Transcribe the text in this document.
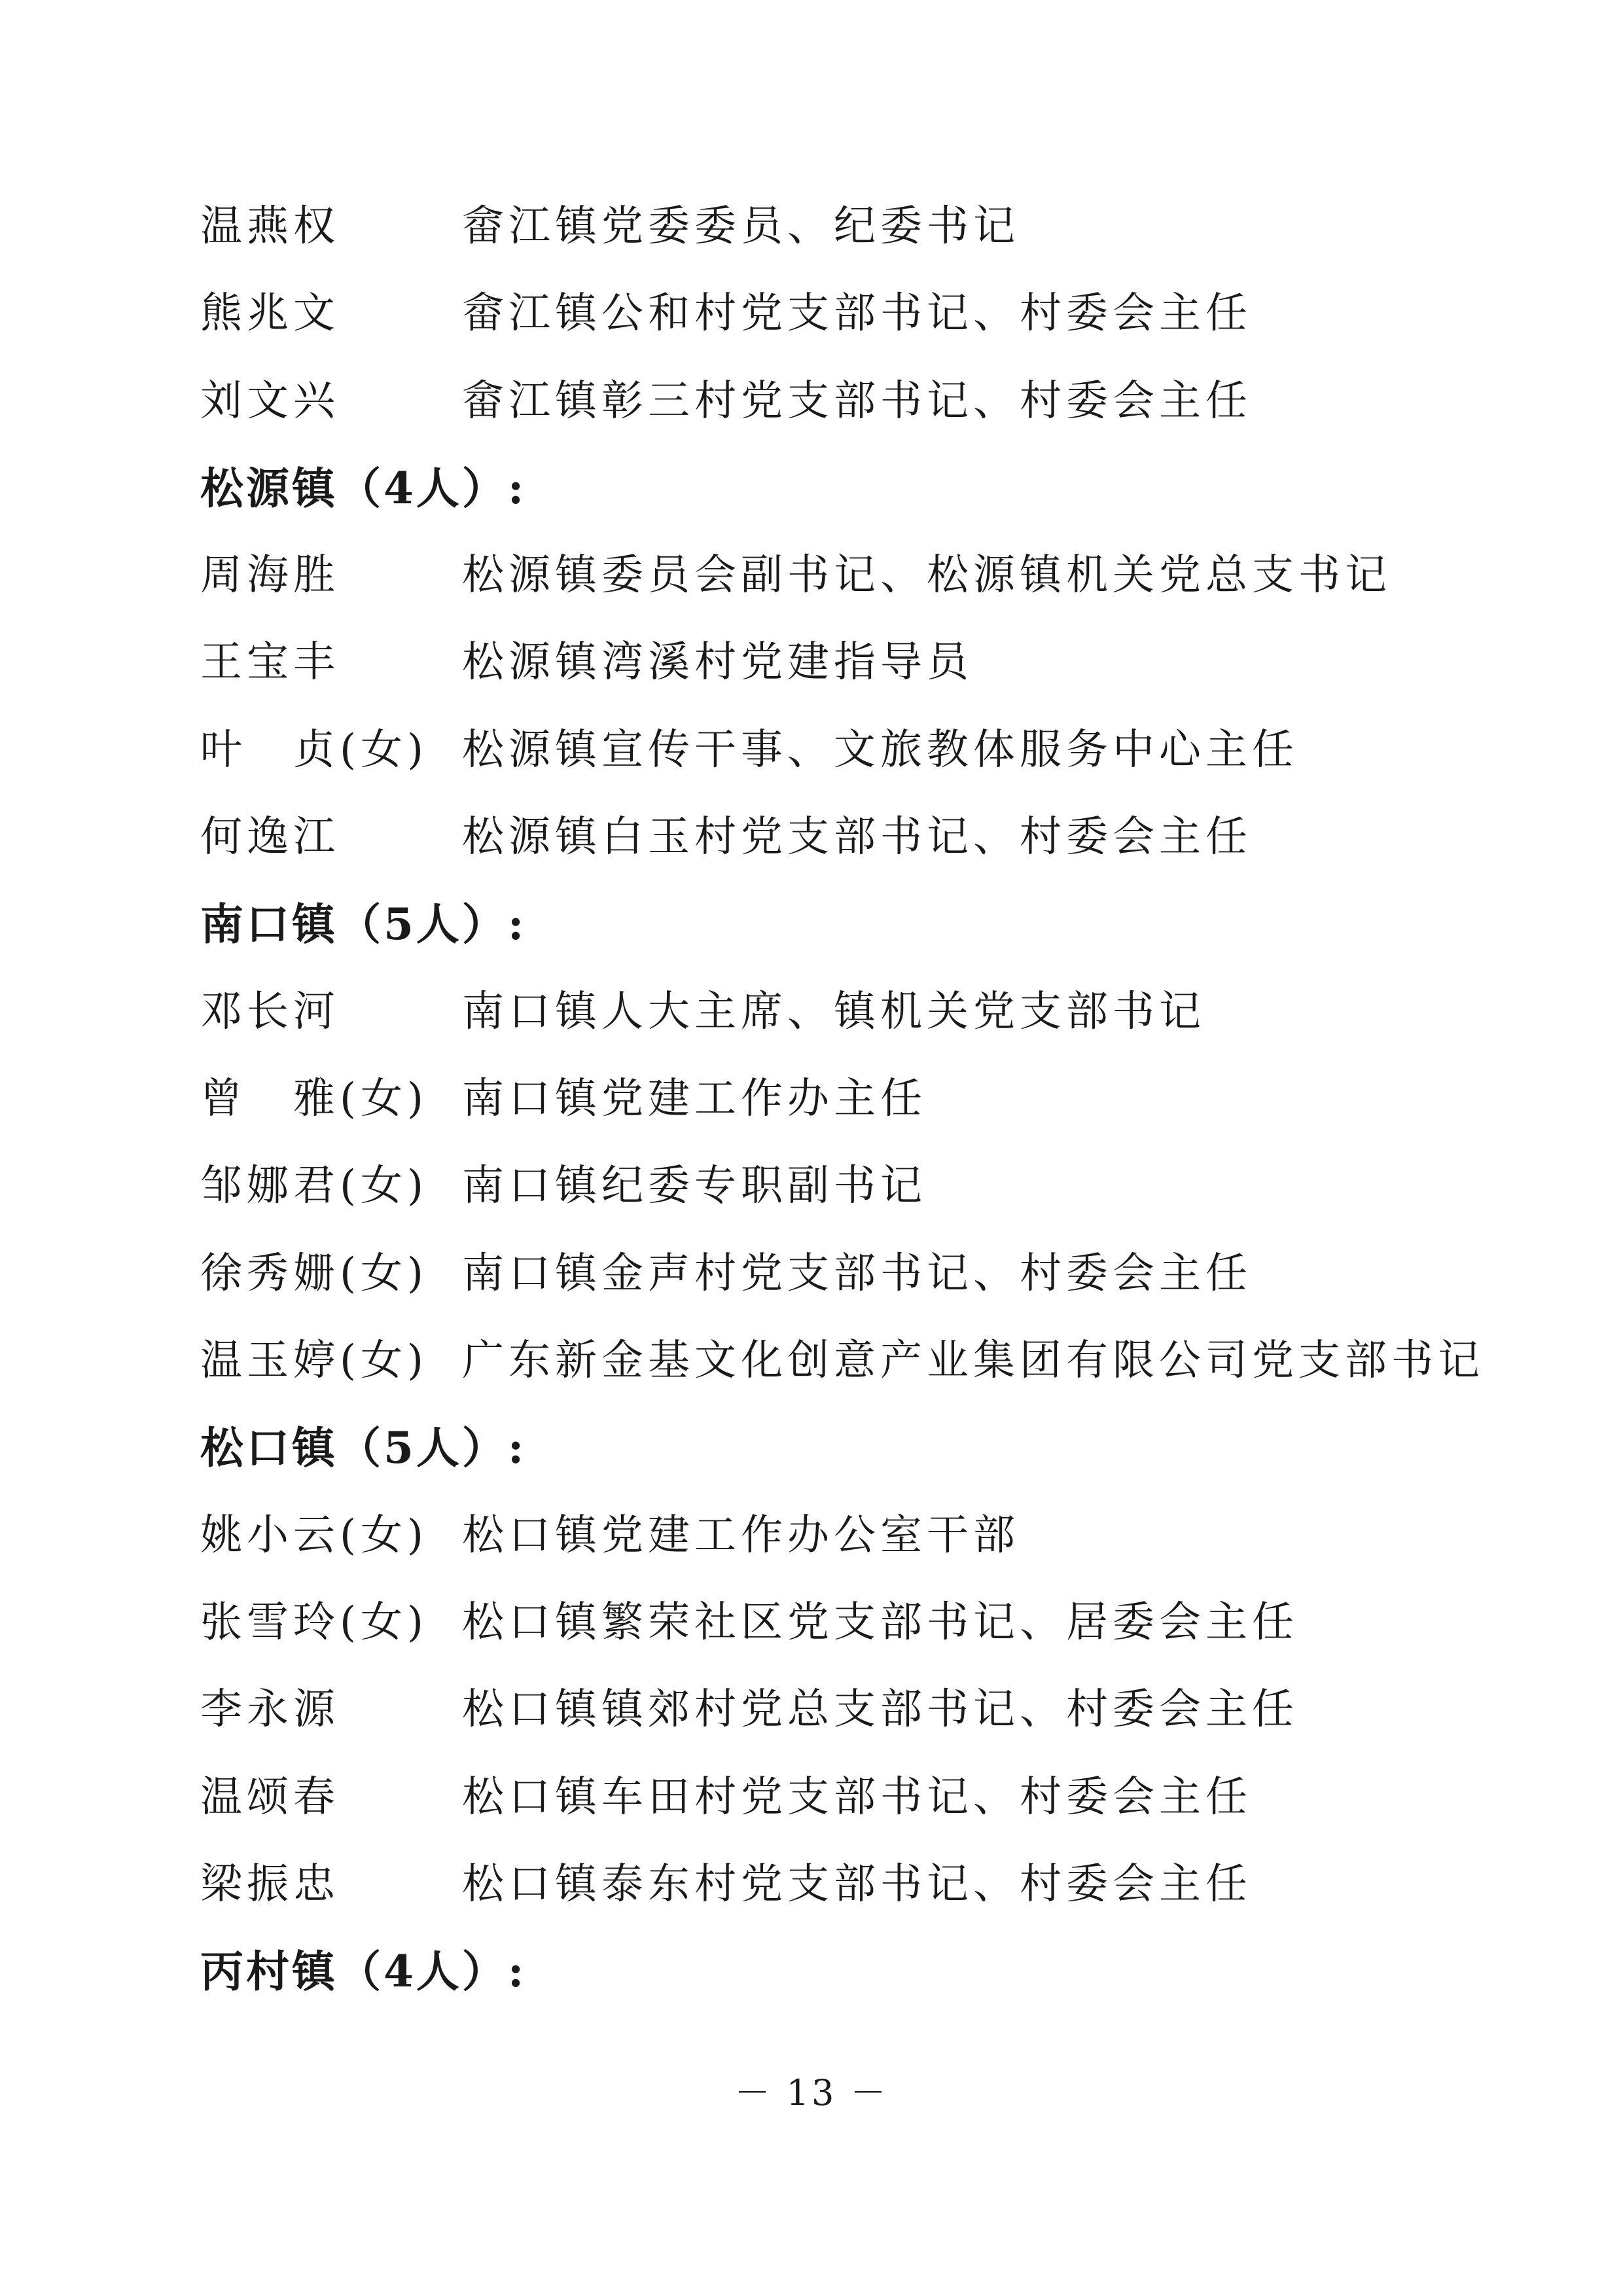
温燕权	畲江镇党委委员、纪委书记
熊兆文	畲江镇公和村党支部书记、村委会主任
刘文兴	畲江镇彰三村党支部书记、村委会主任
松源镇（4人）:
周海胜	松源镇委员会副书记、松源镇机关党总支书记
王宝丰	松源镇湾溪村党建指导员
叶　贞(女) 松源镇宣传干事、文旅教体服务中心主任
何逸江	松源镇白玉村党支部书记、村委会主任
南口镇（5人）:
邓长河	南口镇人大主席、镇机关党支部书记
曾　雅(女) 南口镇党建工作办主任
邹娜君(女) 南口镇纪委专职副书记
徐秀姗(女) 南口镇金声村党支部书记、村委会主任
温玉婷(女) 广东新金基文化创意产业集团有限公司党支部书记
松口镇（5人）:
姚小云(女) 松口镇党建工作办公室干部
张雪玲(女) 松口镇繁荣社区党支部书记、居委会主任
李永源	松口镇镇郊村党总支部书记、村委会主任
温颂春	松口镇车田村党支部书记、村委会主任
梁振忠	松口镇泰东村党支部书记、村委会主任
丙村镇（4人）:
－ 13 －
